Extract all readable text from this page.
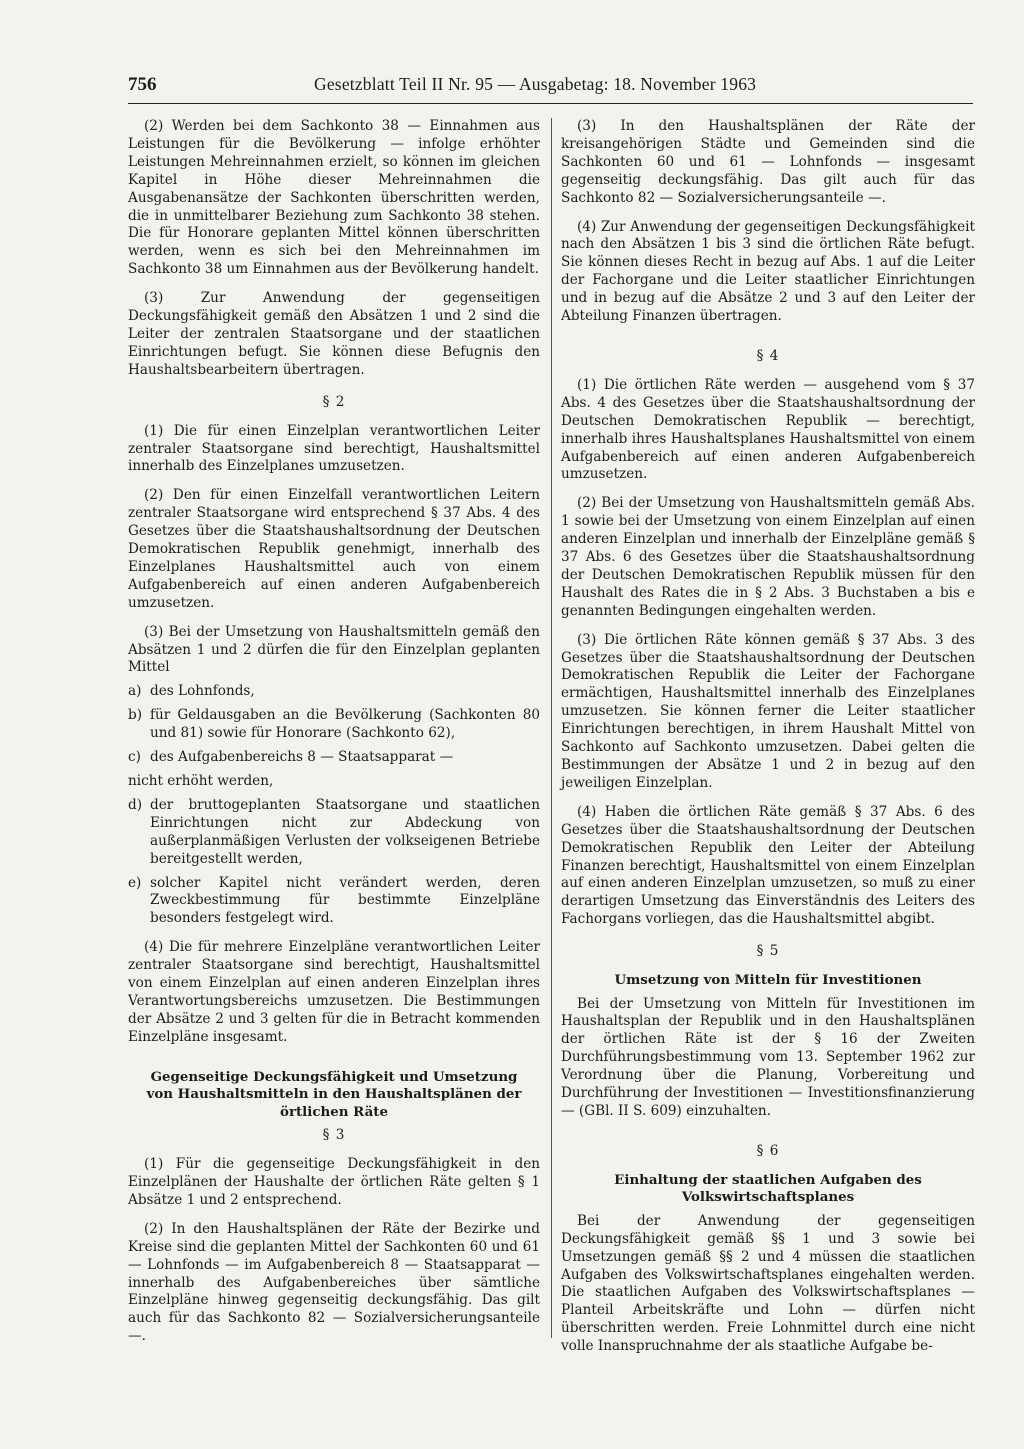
756	Gesetzblatt Teil II Nr. 95 — Ausgabetag: 18. November 1963

(2) Werden bei dem Sachkonto 38 — Einnahmen aus Leistungen für die Bevölkerung — infolge erhöhter Leistungen Mehreinnahmen erzielt, so können im gleichen Kapitel in Höhe dieser Mehreinnahmen die Ausgabenansätze der Sachkonten überschritten werden, die in unmittelbarer Beziehung zum Sachkonto 38 stehen. Die für Honorare geplanten Mittel können überschritten werden, wenn es sich bei den Mehreinnahmen im Sachkonto 38 um Einnahmen aus der Bevölkerung handelt.

(3) Zur Anwendung der gegenseitigen Deckungsfähigkeit gemäß den Absätzen 1 und 2 sind die Leiter der zentralen Staatsorgane und der staatlichen Einrichtungen befugt. Sie können diese Befugnis den Haushaltsbearbeitern übertragen.

§ 2

(1) Die für einen Einzelplan verantwortlichen Leiter zentraler Staatsorgane sind berechtigt, Haushaltsmittel innerhalb des Einzelplanes umzusetzen.

(2) Den für einen Einzelfall verantwortlichen Leitern zentraler Staatsorgane wird entsprechend § 37 Abs. 4 des Gesetzes über die Staatshaushaltsordnung der Deutschen Demokratischen Republik genehmigt, innerhalb des Einzelplanes Haushaltsmittel auch von einem Aufgabenbereich auf einen anderen Aufgabenbereich umzusetzen.

(3) Bei der Umsetzung von Haushaltsmitteln gemäß den Absätzen 1 und 2 dürfen die für den Einzelplan geplanten Mittel

a) des Lohnfonds,
b) für Geldausgaben an die Bevölkerung (Sachkonten 80 und 81) sowie für Honorare (Sachkonto 62),
c) des Aufgabenbereichs 8 — Staatsapparat —
nicht erhöht werden,
d) der bruttogeplanten Staatsorgane und staatlichen Einrichtungen nicht zur Abdeckung von außerplanmäßigen Verlusten der volkseigenen Betriebe bereitgestellt werden,
e) solcher Kapitel nicht verändert werden, deren Zweckbestimmung für bestimmte Einzelpläne besonders festgelegt wird.

(4) Die für mehrere Einzelpläne verantwortlichen Leiter zentraler Staatsorgane sind berechtigt, Haushaltsmittel von einem Einzelplan auf einen anderen Einzelplan ihres Verantwortungsbereichs umzusetzen. Die Bestimmungen der Absätze 2 und 3 gelten für die in Betracht kommenden Einzelpläne insgesamt.

Gegenseitige Deckungsfähigkeit und Umsetzung von Haushaltsmitteln in den Haushaltsplänen der örtlichen Räte
§ 3

(1) Für die gegenseitige Deckungsfähigkeit in den Einzelplänen der Haushalte der örtlichen Räte gelten § 1 Absätze 1 und 2 entsprechend.

(2) In den Haushaltsplänen der Räte der Bezirke und Kreise sind die geplanten Mittel der Sachkonten 60 und 61 — Lohnfonds — im Aufgabenbereich 8 — Staatsapparat — innerhalb des Aufgabenbereiches über sämtliche Einzelpläne hinweg gegenseitig deckungsfähig. Das gilt auch für das Sachkonto 82 — Sozialversicherungsanteile —.

(3) In den Haushaltsplänen der Räte der kreisangehörigen Städte und Gemeinden sind die Sachkonten 60 und 61 — Lohnfonds — insgesamt gegenseitig deckungsfähig. Das gilt auch für das Sachkonto 82 — Sozialversicherungsanteile —.

(4) Zur Anwendung der gegenseitigen Deckungsfähigkeit nach den Absätzen 1 bis 3 sind die örtlichen Räte befugt. Sie können dieses Recht in bezug auf Abs. 1 auf die Leiter der Fachorgane und die Leiter staatlicher Einrichtungen und in bezug auf die Absätze 2 und 3 auf den Leiter der Abteilung Finanzen übertragen.

§ 4

(1) Die örtlichen Räte werden — ausgehend vom § 37 Abs. 4 des Gesetzes über die Staatshaushaltsordnung der Deutschen Demokratischen Republik — berechtigt, innerhalb ihres Haushaltsplanes Haushaltsmittel von einem Aufgabenbereich auf einen anderen Aufgabenbereich umzusetzen.

(2) Bei der Umsetzung von Haushaltsmitteln gemäß Abs. 1 sowie bei der Umsetzung von einem Einzelplan auf einen anderen Einzelplan und innerhalb der Einzelpläne gemäß § 37 Abs. 6 des Gesetzes über die Staatshaushaltsordnung der Deutschen Demokratischen Republik müssen für den Haushalt des Rates die in § 2 Abs. 3 Buchstaben a bis e genannten Bedingungen eingehalten werden.

(3) Die örtlichen Räte können gemäß § 37 Abs. 3 des Gesetzes über die Staatshaushaltsordnung der Deutschen Demokratischen Republik die Leiter der Fachorgane ermächtigen, Haushaltsmittel innerhalb des Einzelplanes umzusetzen. Sie können ferner die Leiter staatlicher Einrichtungen berechtigen, in ihrem Haushalt Mittel von Sachkonto auf Sachkonto umzusetzen. Dabei gelten die Bestimmungen der Absätze 1 und 2 in bezug auf den jeweiligen Einzelplan.

(4) Haben die örtlichen Räte gemäß § 37 Abs. 6 des Gesetzes über die Staatshaushaltsordnung der Deutschen Demokratischen Republik den Leiter der Abteilung Finanzen berechtigt, Haushaltsmittel von einem Einzelplan auf einen anderen Einzelplan umzusetzen, so muß zu einer derartigen Umsetzung das Einverständnis des Leiters des Fachorgans vorliegen, das die Haushaltsmittel abgibt.

§ 5
Umsetzung von Mitteln für Investitionen

Bei der Umsetzung von Mitteln für Investitionen im Haushaltsplan der Republik und in den Haushaltsplänen der örtlichen Räte ist der § 16 der Zweiten Durchführungsbestimmung vom 13. September 1962 zur Verordnung über die Planung, Vorbereitung und Durchführung der Investitionen — Investitionsfinanzierung — (GBl. II S. 609) einzuhalten.

§ 6
Einhaltung der staatlichen Aufgaben des Volkswirtschaftsplanes

Bei der Anwendung der gegenseitigen Deckungsfähigkeit gemäß §§ 1 und 3 sowie bei Umsetzungen gemäß §§ 2 und 4 müssen die staatlichen Aufgaben des Volkswirtschaftsplanes eingehalten werden. Die staatlichen Aufgaben des Volkswirtschaftsplanes — Planteil Arbeitskräfte und Lohn — dürfen nicht überschritten werden. Freie Lohnmittel durch eine nicht volle Inanspruchnahme der als staatliche Aufgabe be-
